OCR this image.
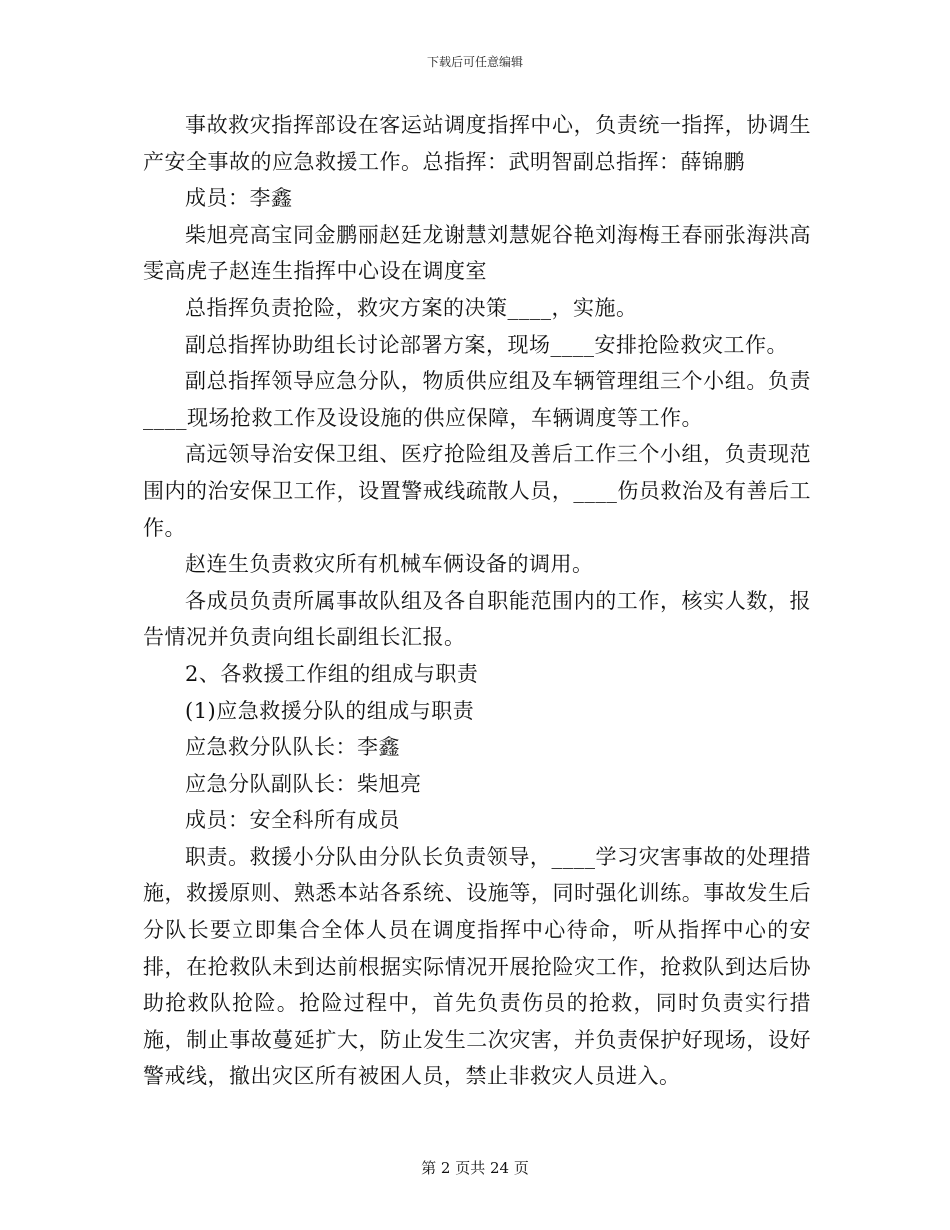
下载后可任意编辑

事故救灾指挥部设在客运站调度指挥中心，负责统一指挥，协调生产安全事故的应急救援工作。总指挥：武明智副总指挥：薛锦鹏

成员：李鑫

柴旭亮高宝同金鹏丽赵廷龙谢慧刘慧妮谷艳刘海梅王春丽张海洪高雯高虎子赵连生指挥中心设在调度室

总指挥负责抢险，救灾方案的决策____，实施。

副总指挥协助组长讨论部署方案，现场____安排抢险救灾工作。

副总指挥领导应急分队，物质供应组及车辆管理组三个小组。负责____现场抢救工作及设设施的供应保障，车辆调度等工作。

高远领导治安保卫组、医疗抢险组及善后工作三个小组，负责现范围内的治安保卫工作，设置警戒线疏散人员，____伤员救治及有善后工作。

赵连生负责救灾所有机械车俩设备的调用。

各成员负责所属事故队组及各自职能范围内的工作，核实人数，报告情况并负责向组长副组长汇报。

2、各救援工作组的组成与职责

(1)应急救援分队的组成与职责

应急救分队队长：李鑫

应急分队副队长：柴旭亮

成员：安全科所有成员

职责。救援小分队由分队长负责领导，____学习灾害事故的处理措施，救援原则、熟悉本站各系统、设施等，同时强化训练。事故发生后分队长要立即集合全体人员在调度指挥中心待命，听从指挥中心的安排，在抢救队未到达前根据实际情况开展抢险灾工作，抢救队到达后协助抢救队抢险。抢险过程中，首先负责伤员的抢救，同时负责实行措施，制止事故蔓延扩大，防止发生二次灾害，并负责保护好现场，设好警戒线，撤出灾区所有被困人员，禁止非救灾人员进入。

第 2 页共 24 页
